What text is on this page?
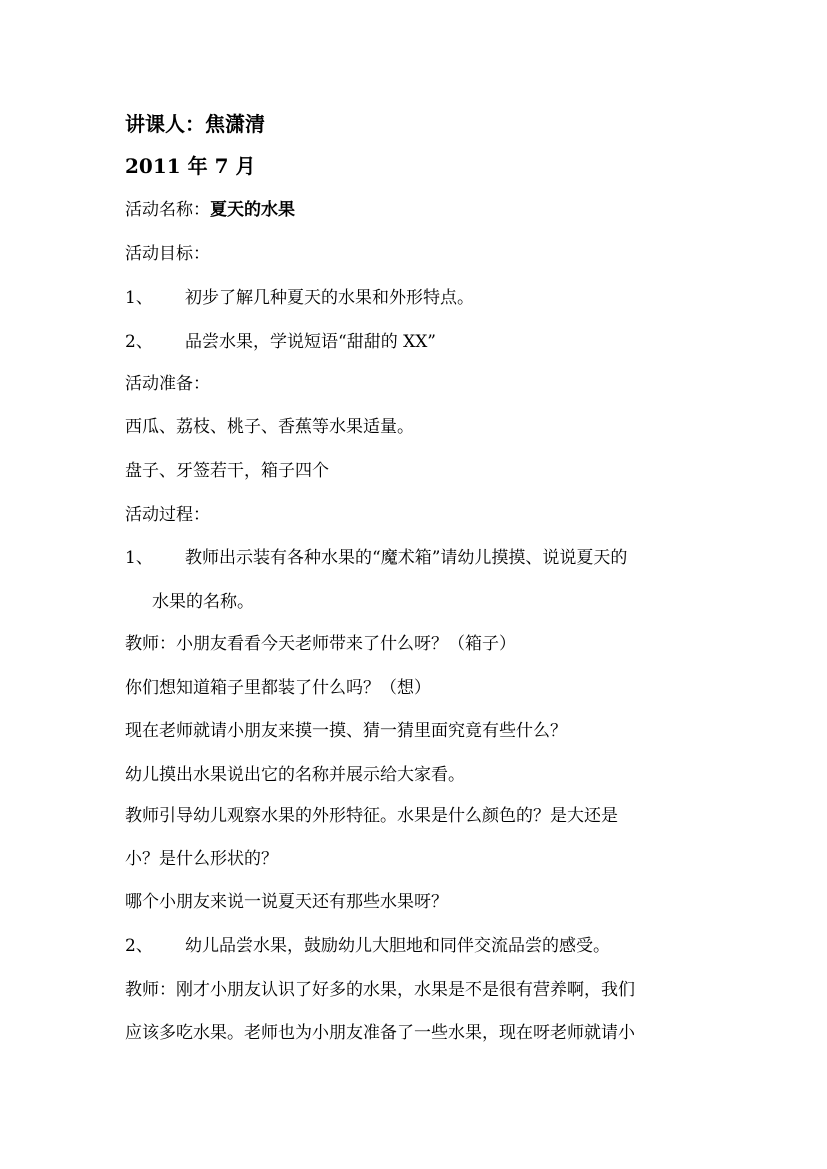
讲课人：焦潇清
2011 年 7 月
活动名称：夏天的水果
活动目标：
1、 初步了解几种夏天的水果和外形特点。
2、 品尝水果，学说短语“甜甜的 XX”
活动准备：
西瓜、荔枝、桃子、香蕉等水果适量。
盘子、牙签若干，箱子四个
活动过程：
1、 教师出示装有各种水果的“魔术箱”请幼儿摸摸、说说夏天的
水果的名称。
教师：小朋友看看今天老师带来了什么呀？（箱子）
你们想知道箱子里都装了什么吗？（想）
现在老师就请小朋友来摸一摸、猜一猜里面究竟有些什么？
幼儿摸出水果说出它的名称并展示给大家看。
教师引导幼儿观察水果的外形特征。水果是什么颜色的？是大还是
小？是什么形状的？
哪个小朋友来说一说夏天还有那些水果呀？
2、 幼儿品尝水果，鼓励幼儿大胆地和同伴交流品尝的感受。
教师：刚才小朋友认识了好多的水果，水果是不是很有营养啊，我们
应该多吃水果。老师也为小朋友准备了一些水果，现在呀老师就请小
